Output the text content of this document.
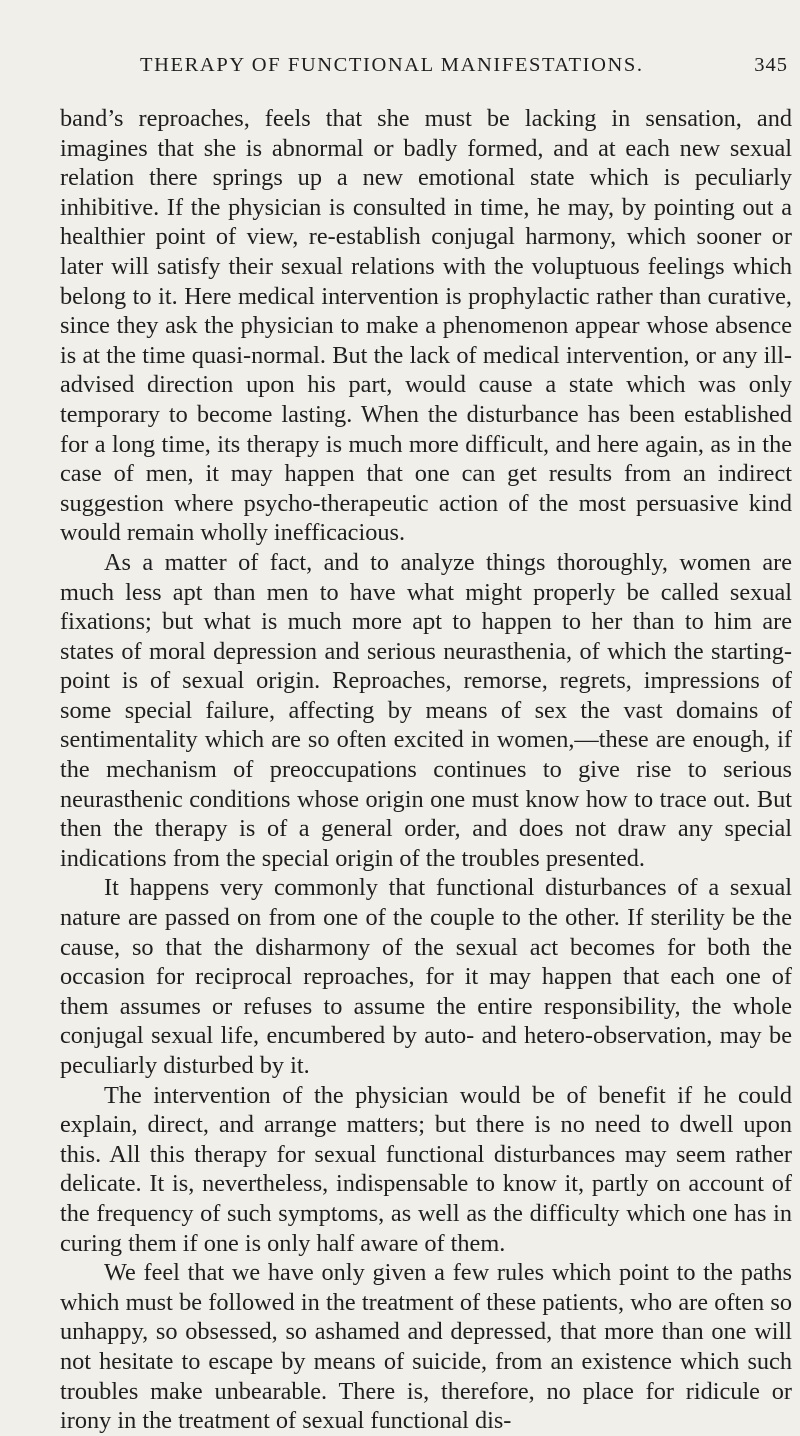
THERAPY OF FUNCTIONAL MANIFESTATIONS.	345

band’s reproaches, feels that she must be lacking in sensation, and imagines that she is abnormal or badly formed, and at each new sexual relation there springs up a new emotional state which is peculiarly inhibitive. If the physician is consulted in time, he may, by pointing out a healthier point of view, re-establish conjugal harmony, which sooner or later will satisfy their sexual relations with the voluptuous feelings which belong to it. Here medical intervention is prophylactic rather than curative, since they ask the physician to make a phenomenon appear whose absence is at the time quasi-normal. But the lack of medical intervention, or any ill-advised direction upon his part, would cause a state which was only temporary to become lasting. When the disturbance has been established for a long time, its therapy is much more difficult, and here again, as in the case of men, it may happen that one can get results from an indirect suggestion where psycho-therapeutic action of the most persuasive kind would remain wholly inefficacious.

As a matter of fact, and to analyze things thoroughly, women are much less apt than men to have what might properly be called sexual fixations; but what is much more apt to happen to her than to him are states of moral depression and serious neurasthenia, of which the starting-point is of sexual origin. Reproaches, remorse, regrets, impressions of some special failure, affecting by means of sex the vast domains of sentimentality which are so often excited in women,—these are enough, if the mechanism of preoccupations continues to give rise to serious neurasthenic conditions whose origin one must know how to trace out. But then the therapy is of a general order, and does not draw any special indications from the special origin of the troubles presented.

It happens very commonly that functional disturbances of a sexual nature are passed on from one of the couple to the other. If sterility be the cause, so that the disharmony of the sexual act becomes for both the occasion for reciprocal reproaches, for it may happen that each one of them assumes or refuses to assume the entire responsibility, the whole conjugal sexual life, encumbered by auto- and hetero-observation, may be peculiarly disturbed by it.

The intervention of the physician would be of benefit if he could explain, direct, and arrange matters; but there is no need to dwell upon this. All this therapy for sexual functional disturbances may seem rather delicate. It is, nevertheless, indispensable to know it, partly on account of the frequency of such symptoms, as well as the difficulty which one has in curing them if one is only half aware of them.

We feel that we have only given a few rules which point to the paths which must be followed in the treatment of these patients, who are often so unhappy, so obsessed, so ashamed and depressed, that more than one will not hesitate to escape by means of suicide, from an existence which such troubles make unbearable. There is, therefore, no place for ridicule or irony in the treatment of sexual functional dis-
